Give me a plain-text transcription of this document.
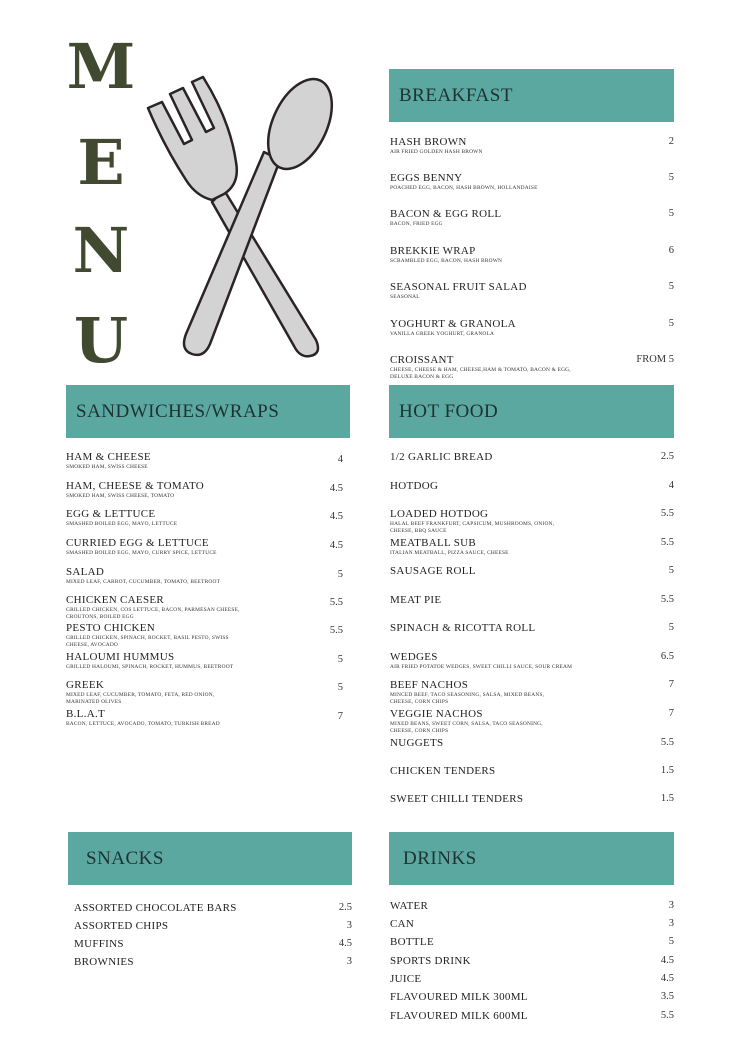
M
E
N
U
BREAKFAST
HASH BROWN
AIR FRIED GOLDEN HASH BROWN
2
EGGS BENNY
POACHED EGG, BACON, HASH BROWN, HOLLANDAISE
5
BACON & EGG ROLL
BACON, FRIED EGG
5
BREKKIE WRAP
SCRAMBLED EGG, BACON, HASH BROWN
6
SEASONAL FRUIT SALAD
SEASONAL
5
YOGHURT & GRANOLA
VANILLA GREEK YOGHURT, GRANOLA
5
CROISSANT
CHEESE, CHEESE & HAM, CHEESE,HAM & TOMATO, BACON & EGG, DELUXE BACON & EGG
FROM 5
SANDWICHES/WRAPS
HAM & CHEESE
SMOKED HAM, SWISS CHEESE
4
HAM, CHEESE & TOMATO
SMOKED HAM, SWISS CHEESE, TOMATO
4.5
EGG & LETTUCE
SMASHED BOILED EGG, MAYO, LETTUCE
4.5
CURRIED EGG & LETTUCE
SMASHED BOILED EGG, MAYO, CURRY SPICE, LETTUCE
4.5
SALAD
MIXED LEAF, CARROT, CUCUMBER, TOMATO, BEETROOT
5
CHICKEN CAESER
GRILLED CHICKEN, COS LETTUCE, BACON, PARMESAN CHEESE, CROUTONS, BOILED EGG
5.5
PESTO CHICKEN
GRILLED CHICKEN, SPINACH, ROCKET, BASIL PESTO, SWISS CHEESE, AVOCADO
5.5
HALOUMI HUMMUS
GRILLED HALOUMI, SPINACH, ROCKET, HUMMUS, BEETROOT
5
GREEK
MIXED LEAF, CUCUMBER, TOMATO, FETA, RED ONION, MARINATED OLIVES
5
B.L.A.T
BACON, LETTUCE, AVOCADO, TOMATO, TURKISH BREAD
7
HOT FOOD
1/2 GARLIC BREAD	2.5
HOTDOG	4
LOADED HOTDOG
HALAL BEEF FRANKFURT, CAPSICUM, MUSHROOMS, ONION, CHEESE, BBQ SAUCE
5.5
MEATBALL SUB
ITALIAN MEATBALL, PIZZA SAUCE, CHEESE
5.5
SAUSAGE ROLL	5
MEAT PIE	5.5
SPINACH & RICOTTA ROLL	5
WEDGES
AIR FRIED POTATOE WEDGES, SWEET CHILLI SAUCE, SOUR CREAM
6.5
BEEF NACHOS
MINCED BEEF, TACO SEASONING, SALSA, MIXED BEANS, CHEESE, CORN CHIPS
7
VEGGIE NACHOS
MIXED BEANS, SWEET CORN, SALSA, TACO SEASONING, CHEESE, CORN CHIPS
7
NUGGETS	5.5
CHICKEN TENDERS	1.5
SWEET CHILLI TENDERS	1.5
SNACKS
ASSORTED CHOCOLATE BARS	2.5
ASSORTED CHIPS	3
MUFFINS	4.5
BROWNIES	3
DRINKS
WATER	3
CAN	3
BOTTLE	5
SPORTS DRINK	4.5
JUICE	4.5
FLAVOURED MILK 300ML	3.5
FLAVOURED MILK 600ML	5.5
